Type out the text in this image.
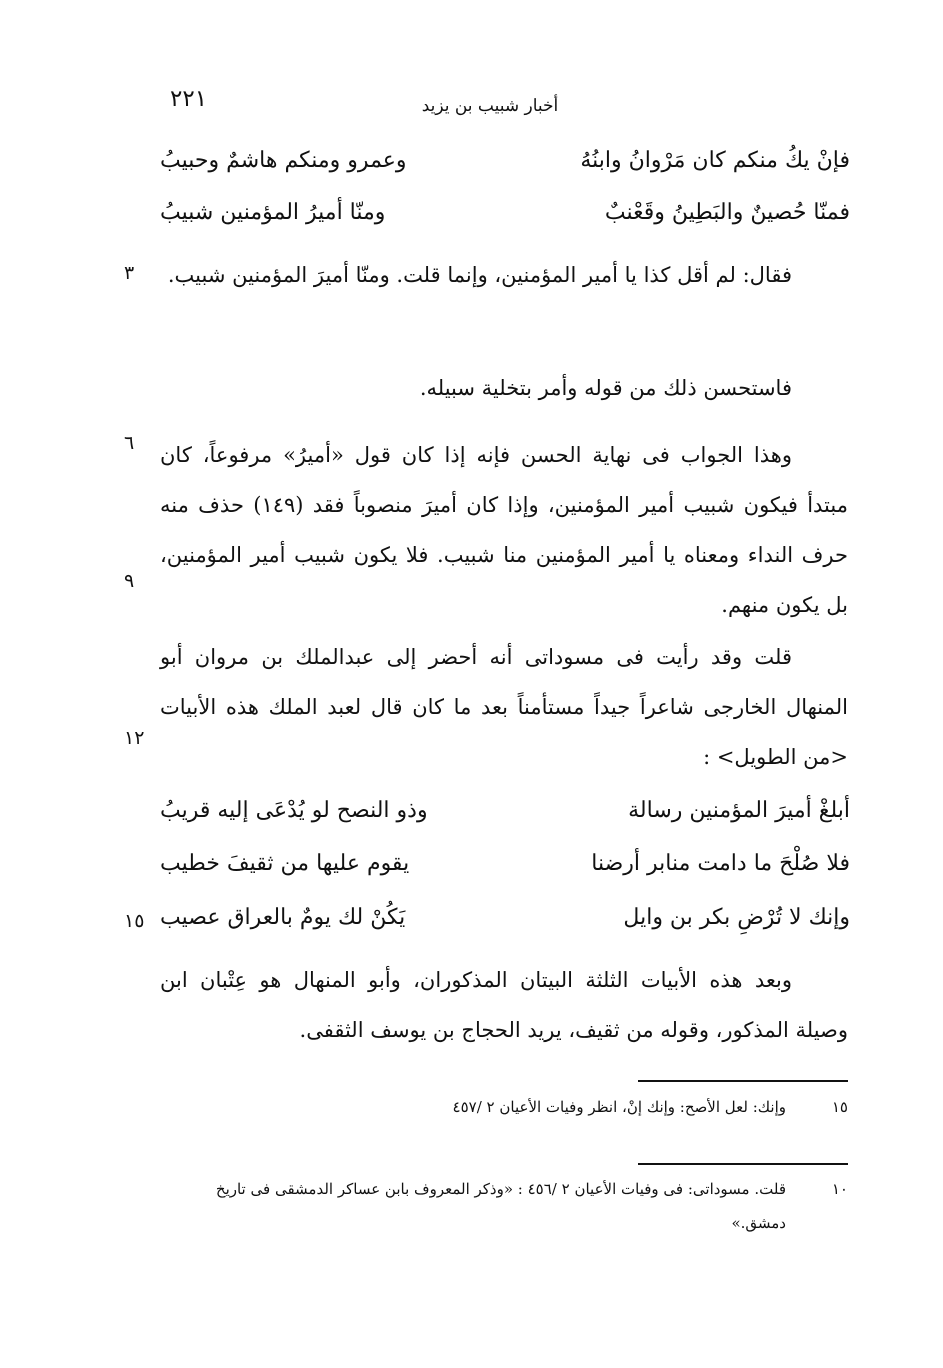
٢٢١	أخبار شبيب بن يزيد
فإنْ يكُ منكم كان مَرْوانُ وابنُهُ
وعمرو ومنكم هاشمٌ وحبيبُ
فمنّا حُصينٌ والبَطِينُ وقَعْنبٌ
ومنّا أميرُ المؤمنين شبيبُ
٣
٦
٩
١٢
١٥
فقال: لم أقل كذا يا أمير المؤمنين، وإنما قلت. ومنّا أميرَ المؤمنين شبيب.
فاستحسن ذلك من قوله وأمر بتخلية سبيله.
وهذا الجواب فى نهاية الحسن فإنه إذا كان قول «أميرُ» مرفوعاً، كان مبتدأ فيكون شبيب أمير المؤمنين، وإذا كان أميرَ منصوباً فقد (١٤٩) حذف منه حرف النداء ومعناه يا أمير المؤمنين منا شبيب. فلا يكون شبيب أمير المؤمنين، بل يكون منهم.
قلت وقد رأيت فى مسوداتى أنه أحضر إلى عبدالملك بن مروان أبو المنهال الخارجى شاعراً جيداً مستأمناً بعد ما كان قال لعبد الملك هذه الأبيات <من الطويل> :
أبلغْ أميرَ المؤمنين رسالة
وذو النصح لو يُدْعَى إليه قريبُ
فلا صُلْحَ ما دامت منابر أرضنا
يقوم عليها من ثقيفَ خطيب
وإنك لا تُرْضِ بكر بن وايل
يَكُنْ لك يومٌ بالعراق عصيب
وبعد هذه الأبيات الثلثة البيتان المذكوران، وأبو المنهال هو عِتْبان ابن وصيلة المذكور، وقوله من ثقيف، يريد الحجاج بن يوسف الثقفى.
١٥
وإنك: لعل الأصح: وإنك إنْ، انظر وفيات الأعيان ٢ /٤٥٧
١٠
قلت. مسوداتى: فى وفيات الأعيان ٢ /٤٥٦ : «وذكر المعروف بابن عساكر الدمشقى فى تاريخ دمشق.»
